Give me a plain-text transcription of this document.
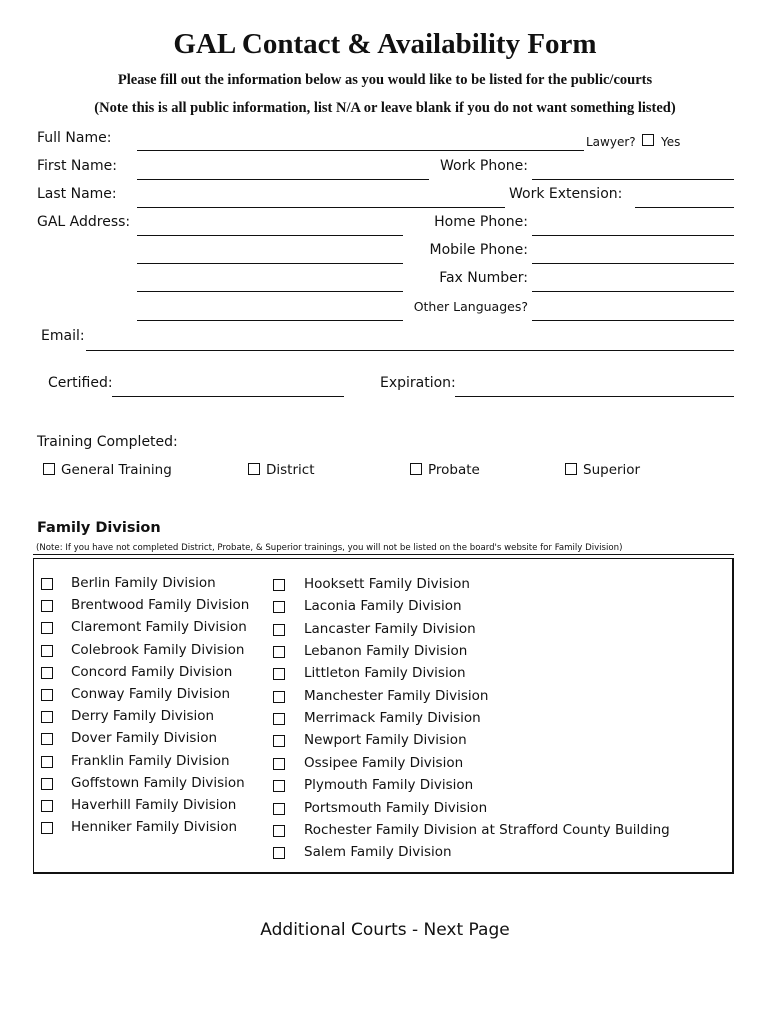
GAL Contact & Availability Form
Please fill out the information below as you would like to be listed for the public/courts
(Note this is all public information, list N/A or leave blank if you do not want something listed)
Full Name:	Lawyer? Yes
First Name:	Work Phone:
Last Name:	Work Extension:
GAL Address:	Home Phone:
Mobile Phone:
Fax Number:
Other Languages?
Email:
Certified:	Expiration:
Training Completed:
General Training	District	Probate	Superior
Family Division
(Note: If you have not completed District, Probate, & Superior trainings, you will not be listed on the board's website for Family Division)
Berlin Family Division
Brentwood Family Division
Claremont Family Division
Colebrook Family Division
Concord Family Division
Conway Family Division
Derry Family Division
Dover Family Division
Franklin Family Division
Goffstown Family Division
Haverhill Family Division
Henniker Family Division
Hooksett Family Division
Laconia Family Division
Lancaster Family Division
Lebanon Family Division
Littleton Family Division
Manchester Family Division
Merrimack Family Division
Newport Family Division
Ossipee Family Division
Plymouth Family Division
Portsmouth Family Division
Rochester Family Division at Strafford County Building
Salem Family Division
Additional Courts - Next Page
